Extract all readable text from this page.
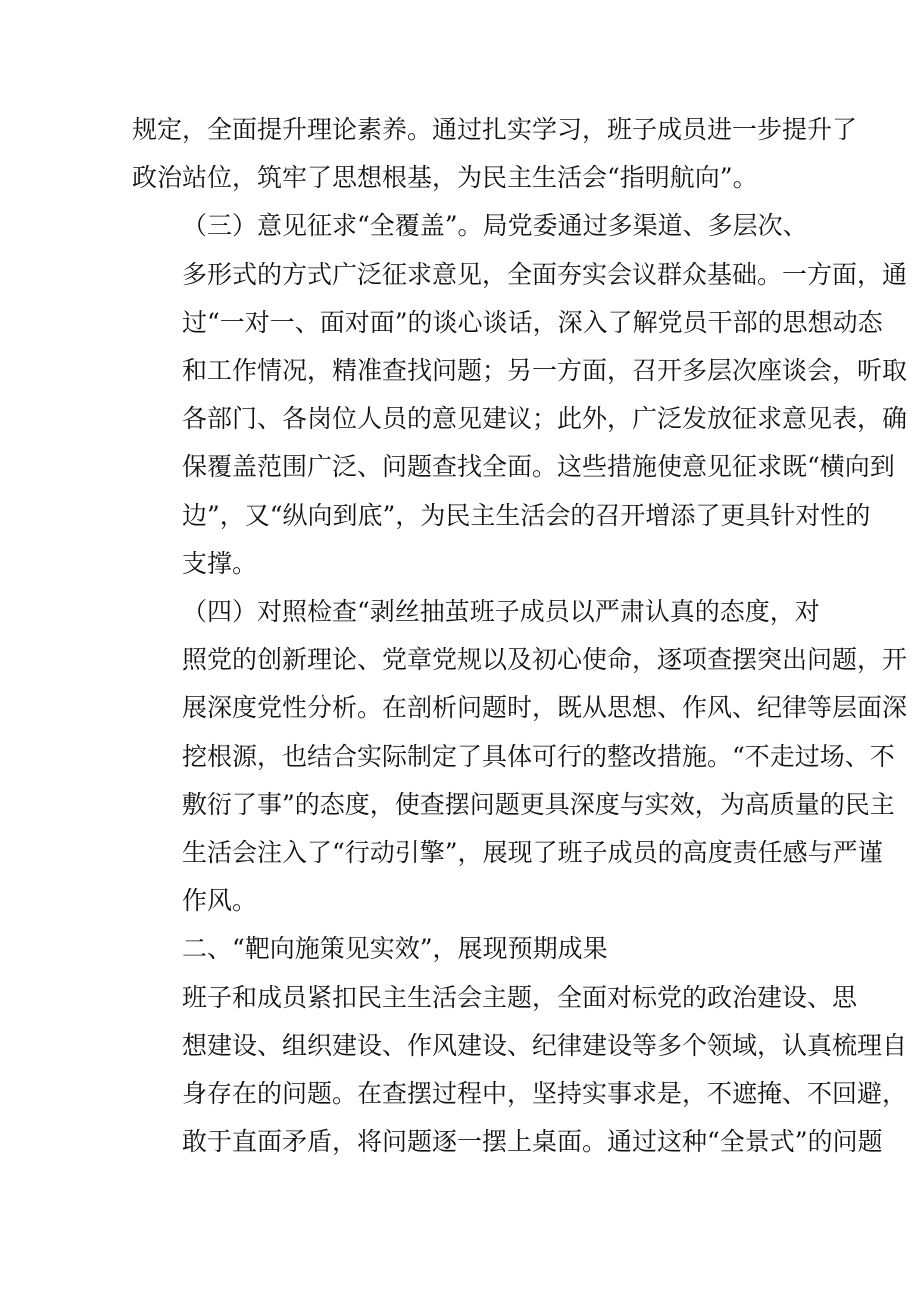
规定，全面提升理论素养。通过扎实学习，班子成员进一步提升了
政治站位，筑牢了思想根基，为民主生活会“指明航向”。
（三）意见征求“全覆盖”。局党委通过多渠道、多层次、
多形式的方式广泛征求意见，全面夯实会议群众基础。一方面，通
过“一对一、面对面”的谈心谈话，深入了解党员干部的思想动态
和工作情况，精准查找问题；另一方面，召开多层次座谈会，听取
各部门、各岗位人员的意见建议；此外，广泛发放征求意见表，确
保覆盖范围广泛、问题查找全面。这些措施使意见征求既“横向到
边”，又“纵向到底”，为民主生活会的召开增添了更具针对性的
支撑。
（四）对照检查“剥丝抽茧班子成员以严肃认真的态度，对
照党的创新理论、党章党规以及初心使命，逐项查摆突出问题，开
展深度党性分析。在剖析问题时，既从思想、作风、纪律等层面深
挖根源，也结合实际制定了具体可行的整改措施。“不走过场、不
敷衍了事”的态度，使查摆问题更具深度与实效，为高质量的民主
生活会注入了“行动引擎”，展现了班子成员的高度责任感与严谨
作风。
二、“靶向施策见实效”，展现预期成果
班子和成员紧扣民主生活会主题，全面对标党的政治建设、思
想建设、组织建设、作风建设、纪律建设等多个领域，认真梳理自
身存在的问题。在查摆过程中，坚持实事求是，不遮掩、不回避，
敢于直面矛盾，将问题逐一摆上桌面。通过这种“全景式”的问题
